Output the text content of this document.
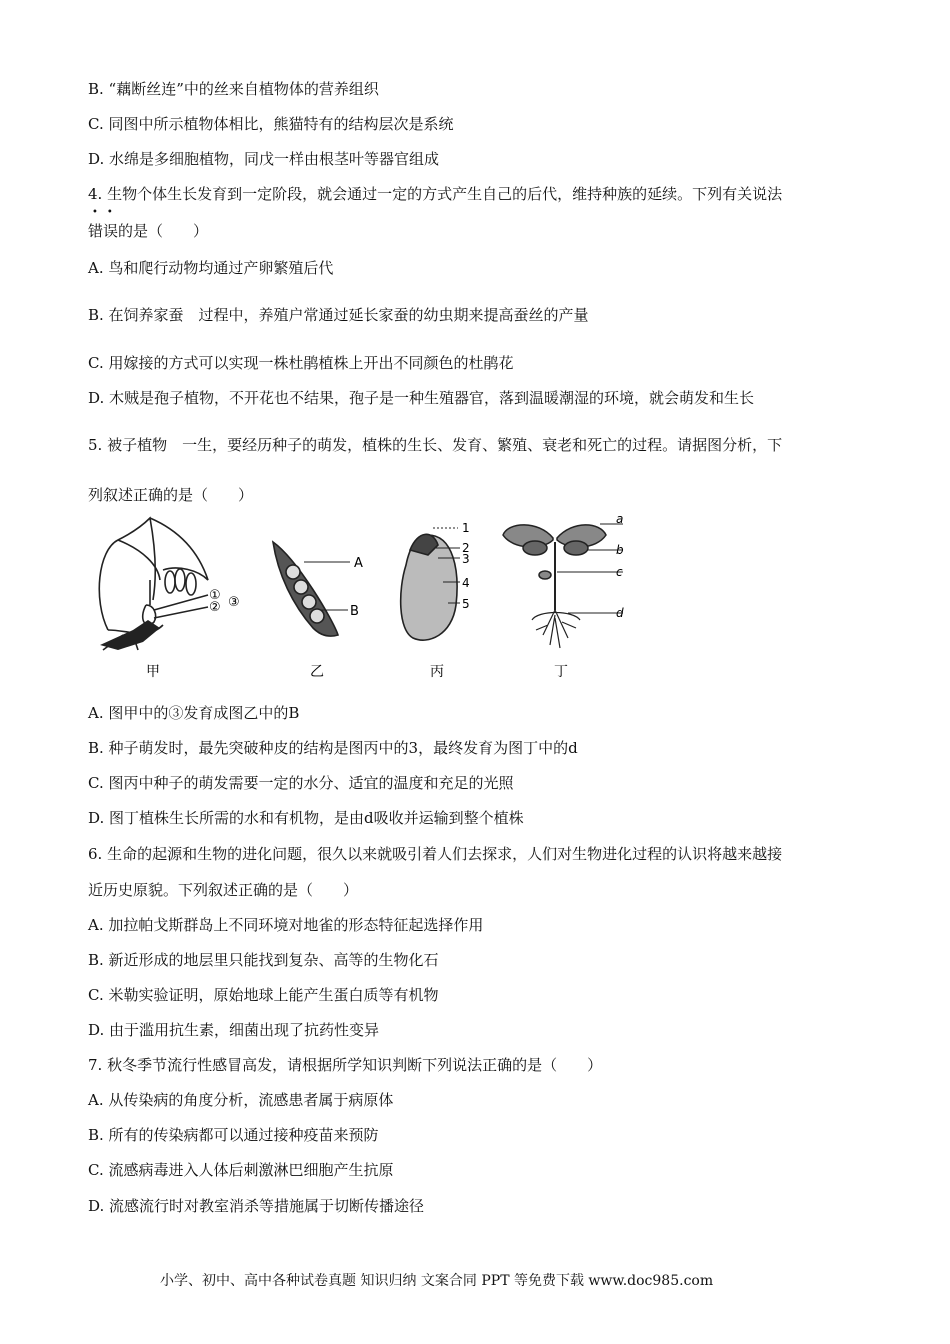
B. “藕断丝连”中的丝来自植物体的营养组织
C. 同图中所示植物体相比，熊猫特有的结构层次是系统
D. 水绵是多细胞植物，同戊一样由根茎叶等器官组成
4. 生物个体生长发育到一定阶段，就会通过一定的方式产生自己的后代，维持种族的延续。下列有关说法
••
错误的是（　　）
A. 鸟和爬行动物均通过产卵繁殖后代
B. 在饲养家蚕　过程中，养殖户常通过延长家蚕的幼虫期来提高蚕丝的产量
C. 用嫁接的方式可以实现一株杜鹃植株上开出不同颜色的杜鹃花
D. 木贼是孢子植物，不开花也不结果，孢子是一种生殖器官，落到温暖潮湿的环境，就会萌发和生长
5. 被子植物　一生，要经历种子的萌发，植株的生长、发育、繁殖、衰老和死亡的过程。请据图分析，下
列叙述正确的是（　　）
①
② ③
甲
A
B
乙
1
2
3
4
5
丙
a
b
c
d
丁
A. 图甲中的③发育成图乙中的B
B. 种子萌发时，最先突破种皮的结构是图丙中的3，最终发育为图丁中的d
C. 图丙中种子的萌发需要一定的水分、适宜的温度和充足的光照
D. 图丁植株生长所需的水和有机物，是由d吸收并运输到整个植株
6. 生命的起源和生物的进化问题，很久以来就吸引着人们去探求，人们对生物进化过程的认识将越来越接
近历史原貌。下列叙述正确的是（　　）
A. 加拉帕戈斯群岛上不同环境对地雀的形态特征起选择作用
B. 新近形成的地层里只能找到复杂、高等的生物化石
C. 米勒实验证明，原始地球上能产生蛋白质等有机物
D. 由于滥用抗生素，细菌出现了抗药性变异
7. 秋冬季节流行性感冒高发，请根据所学知识判断下列说法正确的是（　　）
A. 从传染病的角度分析，流感患者属于病原体
B. 所有的传染病都可以通过接种疫苗来预防
C. 流感病毒进入人体后刺激淋巴细胞产生抗原
D. 流感流行时对教室消杀等措施属于切断传播途径
小学、初中、高中各种试卷真题 知识归纳 文案合同 PPT 等免费下载 www.doc985.com
